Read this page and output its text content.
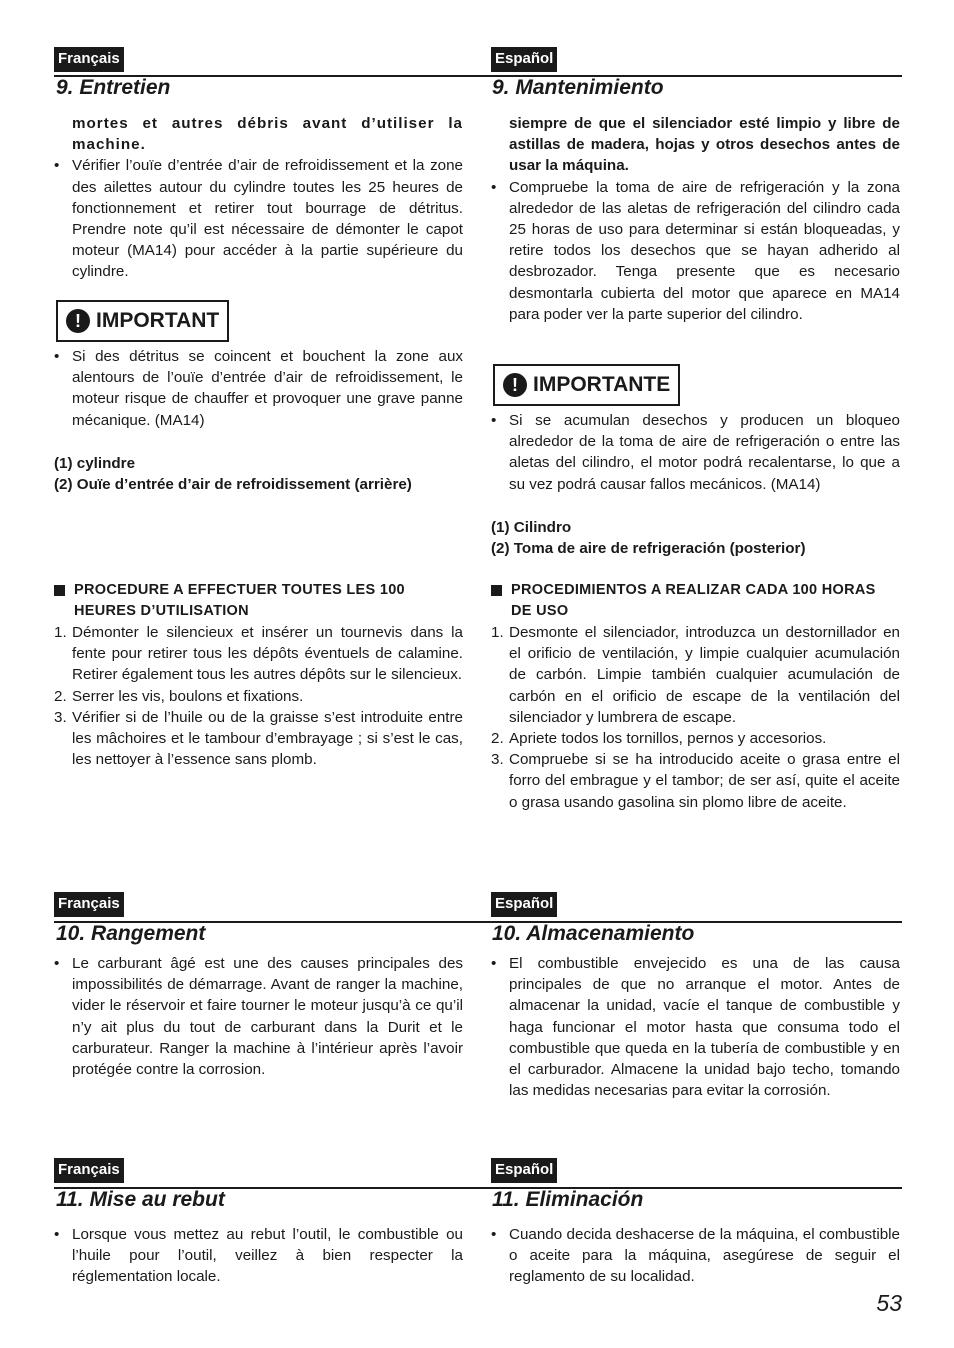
Français	Español
9. Entretien	9. Mantenimiento
mortes et autres débris avant d’utiliser la machine.
• Vérifier l’ouïe d’entrée d’air de refroidissement et la zone des ailettes autour du cylindre toutes les 25 heures de fonctionnement et retirer tout bourrage de détritus. Prendre note qu’il est nécessaire de démonter le capot moteur (MA14) pour accéder à la partie supérieure du cylindre.
! IMPORTANT
• Si des détritus se coincent et bouchent la zone aux alentours de l’ouïe d’entrée d’air de refroidissement, le moteur risque de chauffer et provoquer une grave panne mécanique. (MA14)
(1) cylindre
(2) Ouïe d’entrée d’air de refroidissement (arrière)
PROCEDURE A EFFECTUER TOUTES LES 100 HEURES D’UTILISATION
1. Démonter le silencieux et insérer un tournevis dans la fente pour retirer tous les dépôts éventuels de calamine. Retirer également tous les autres dépôts sur le silencieux.
2. Serrer les vis, boulons et fixations.
3. Vérifier si de l’huile ou de la graisse s’est introduite entre les mâchoires et le tambour d’embrayage ; si s’est le cas, les nettoyer à l’essence sans plomb.
siempre de que el silenciador esté limpio y libre de astillas de madera, hojas y otros desechos antes de usar la máquina.
• Compruebe la toma de aire de refrigeración y la zona alrededor de las aletas de refrigeración del cilindro cada 25 horas de uso para determinar si están bloqueadas, y retire todos los desechos que se hayan adherido al desbrozador. Tenga presente que es necesario desmontarla cubierta del motor que aparece en MA14 para poder ver la parte superior del cilindro.
! IMPORTANTE
• Si se acumulan desechos y producen un bloqueo alrededor de la toma de aire de refrigeración o entre las aletas del cilindro, el motor podrá recalentarse, lo que a su vez podrá causar fallos mecánicos. (MA14)
(1) Cilindro
(2) Toma de aire de refrigeración (posterior)
PROCEDIMIENTOS A REALIZAR CADA 100 HORAS DE USO
1. Desmonte el silenciador, introduzca un destornillador en el orificio de ventilación, y limpie cualquier acumulación de carbón. Limpie también cualquier acumulación de carbón en el orificio de escape de la ventilación del silenciador y lumbrera de escape.
2. Apriete todos los tornillos, pernos y accesorios.
3. Compruebe si se ha introducido aceite o grasa entre el forro del embrague y el tambor; de ser así, quite el aceite o grasa usando gasolina sin plomo libre de aceite.
Français	Español
10. Rangement	10. Almacenamiento
• Le carburant âgé est une des causes principales des impossibilités de démarrage. Avant de ranger la machine, vider le réservoir et faire tourner le moteur jusqu’à ce qu’il n’y ait plus du tout de carburant dans la Durit et le carburateur. Ranger la machine à l’intérieur après l’avoir protégée contre la corrosion.
• El combustible envejecido es una de las causa principales de que no arranque el motor. Antes de almacenar la unidad, vacíe el tanque de combustible y haga funcionar el motor hasta que consuma todo el combustible que queda en la tubería de combustible y en el carburador. Almacene la unidad bajo techo, tomando las medidas necesarias para evitar la corrosión.
Français	Español
11. Mise au rebut	11. Eliminación
• Lorsque vous mettez au rebut l’outil, le combustible ou l’huile pour l’outil, veillez à bien respecter la réglementation locale.
• Cuando decida deshacerse de la máquina, el combustible o aceite para la máquina, asegúrese de seguir el reglamento de su localidad.
53
